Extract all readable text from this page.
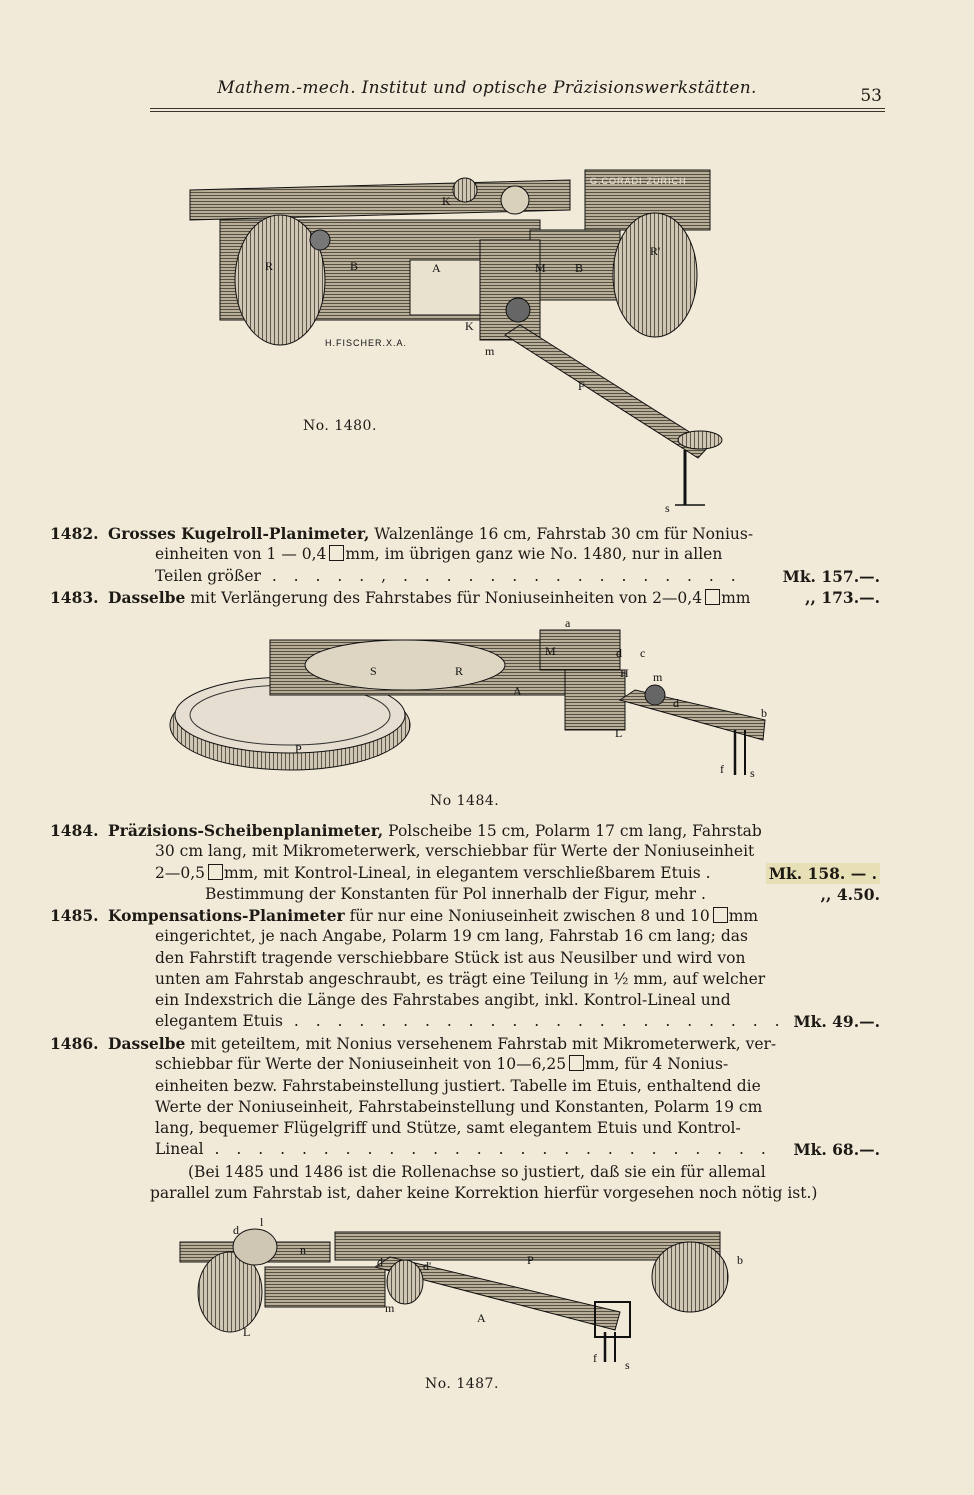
Mathem.-mech. Institut und optische Präzisionswerkstätten.	53
R	B	A	M B
R'
K
K
m
F
s
H.FISCHER.X.A.
G.CORADI·ZÜRICH
No. 1480.
1482. Grosses Kugelroll-Planimeter, Walzenlänge 16 cm, Fahrstab 30 cm für Nonius-
einheiten von 1 — 0,4 mm, im übrigen ganz wie No. 1480, nur in allen
Teilen größer . . . . . , . . . . . . . . . . . . . . . .	Mk. 157.—.
1483. Dasselbe mit Verlängerung des Fahrstabes für Noniuseinheiten von 2—0,4 mm	,, 173.—.
a
c
d
M
H
S	R
A
m
d
b
L
P
f s
No 1484.
1484. Präzisions-Scheibenplanimeter, Polscheibe 15 cm, Polarm 17 cm lang, Fahrstab
30 cm lang, mit Mikrometerwerk, verschiebbar für Werte der Noniuseinheit
2—0,5 mm, mit Kontrol-Lineal, in elegantem verschließbarem Etuis .	Mk. 158. — .
Bestimmung der Konstanten für Pol innerhalb der Figur, mehr .	,, 4.50.
1485. Kompensations-Planimeter für nur eine Noniuseinheit zwischen 8 und 10 mm
eingerichtet, je nach Angabe, Polarm 19 cm lang, Fahrstab 16 cm lang; das
den Fahrstift tragende verschiebbare Stück ist aus Neusilber und wird von
unten am Fahrstab angeschraubt, es trägt eine Teilung in ½ mm, auf welcher
ein Indexstrich die Länge des Fahrstabes angibt, inkl. Kontrol-Lineal und
elegantem Etuis . . . . . . . . . . . . . . . . . . . . . . . Mk. 49.—.
1486. Dasselbe mit geteiltem, mit Nonius versehenem Fahrstab mit Mikrometerwerk, ver-
schiebbar für Werte der Noniuseinheit von 10—6,25 mm, für 4 Nonius-
einheiten bezw. Fahrstabeinstellung justiert. Tabelle im Etuis, enthaltend die
Werte der Noniuseinheit, Fahrstabeinstellung und Konstanten, Polarm 19 cm
lang, bequemer Flügelgriff und Stütze, samt elegantem Etuis und Kontrol-
Lineal . . . . . . . . . . . . . . . . . . . . . . . . . . Mk. 68.—.
(Bei 1485 und 1486 ist die Rollenachse so justiert, daß sie ein für allemal
parallel zum Fahrstab ist, daher keine Korrektion hierfür vorgesehen noch nötig ist.)
d
l
n
d	d'	P	b
L
m
A
f s
No. 1487.
